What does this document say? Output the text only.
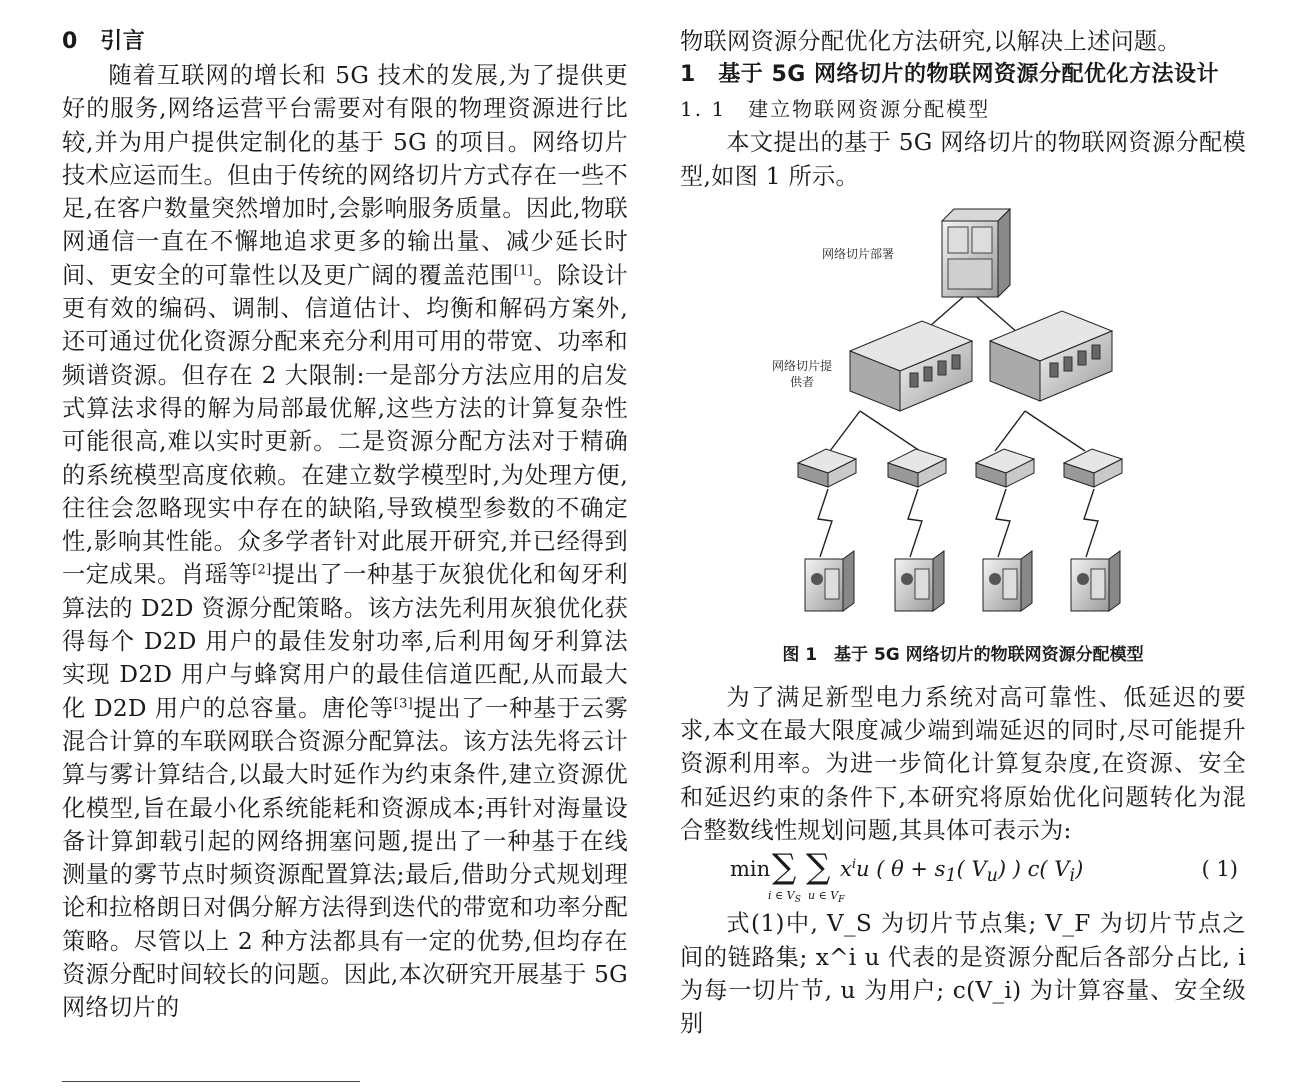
0　引言

随着互联网的增长和 5G 技术的发展,为了提供更好的服务,网络运营平台需要对有限的物理资源进行比较,并为用户提供定制化的基于 5G 的项目。网络切片技术应运而生。但由于传统的网络切片方式存在一些不足,在客户数量突然增加时,会影响服务质量。因此,物联网通信一直在不懈地追求更多的输出量、减少延长时间、更安全的可靠性以及更广阔的覆盖范围[1]。除设计更有效的编码、调制、信道估计、均衡和解码方案外,还可通过优化资源分配来充分利用可用的带宽、功率和频谱资源。但存在 2 大限制:一是部分方法应用的启发式算法求得的解为局部最优解,这些方法的计算复杂性可能很高,难以实时更新。二是资源分配方法对于精确的系统模型高度依赖。在建立数学模型时,为处理方便,往往会忽略现实中存在的缺陷,导致模型参数的不确定性,影响其性能。众多学者针对此展开研究,并已经得到一定成果。肖瑶等[2]提出了一种基于灰狼优化和匈牙利算法的 D2D 资源分配策略。该方法先利用灰狼优化获得每个 D2D 用户的最佳发射功率,后利用匈牙利算法实现 D2D 用户与蜂窝用户的最佳信道匹配,从而最大化 D2D 用户的总容量。唐伦等[3]提出了一种基于云雾混合计算的车联网联合资源分配算法。该方法先将云计算与雾计算结合,以最大时延作为约束条件,建立资源优化模型,旨在最小化系统能耗和资源成本;再针对海量设备计算卸载引起的网络拥塞问题,提出了一种基于在线测量的雾节点时频资源配置算法;最后,借助分式规划理论和拉格朗日对偶分解方法得到迭代的带宽和功率分配策略。尽管以上 2 种方法都具有一定的优势,但均存在资源分配时间较长的问题。因此,本次研究开展基于 5G 网络切片的

物联网资源分配优化方法研究,以解决上述问题。

1　基于 5G 网络切片的物联网资源分配优化方法设计

1. 1　建立物联网资源分配模型

本文提出的基于 5G 网络切片的物联网资源分配模型,如图 1 所示。

网络切片部署
网络切片提
供者

图 1　基于 5G 网络切片的物联网资源分配模型

为了满足新型电力系统对高可靠性、低延迟的要求,本文在最大限度减少端到端延迟的同时,尽可能提升资源利用率。为进一步简化计算复杂度,在资源、安全和延迟约束的条件下,本研究将原始优化问题转化为混合整数线性规划问题,其具体可表示为:

min ∑ ∑
i ∈ $V_S$ u ∈ $V_F$
$x^iu$ ( $\theta + s_1$( $V_u$) ) c( $V_i$)	( 1)

式(1)中, V_S 为切片节点集; V_F 为切片节点之间的链路集; x^i u 代表的是资源分配后各部分占比, i 为每一切片节, u 为用户; c(V_i) 为计算容量、安全级别
